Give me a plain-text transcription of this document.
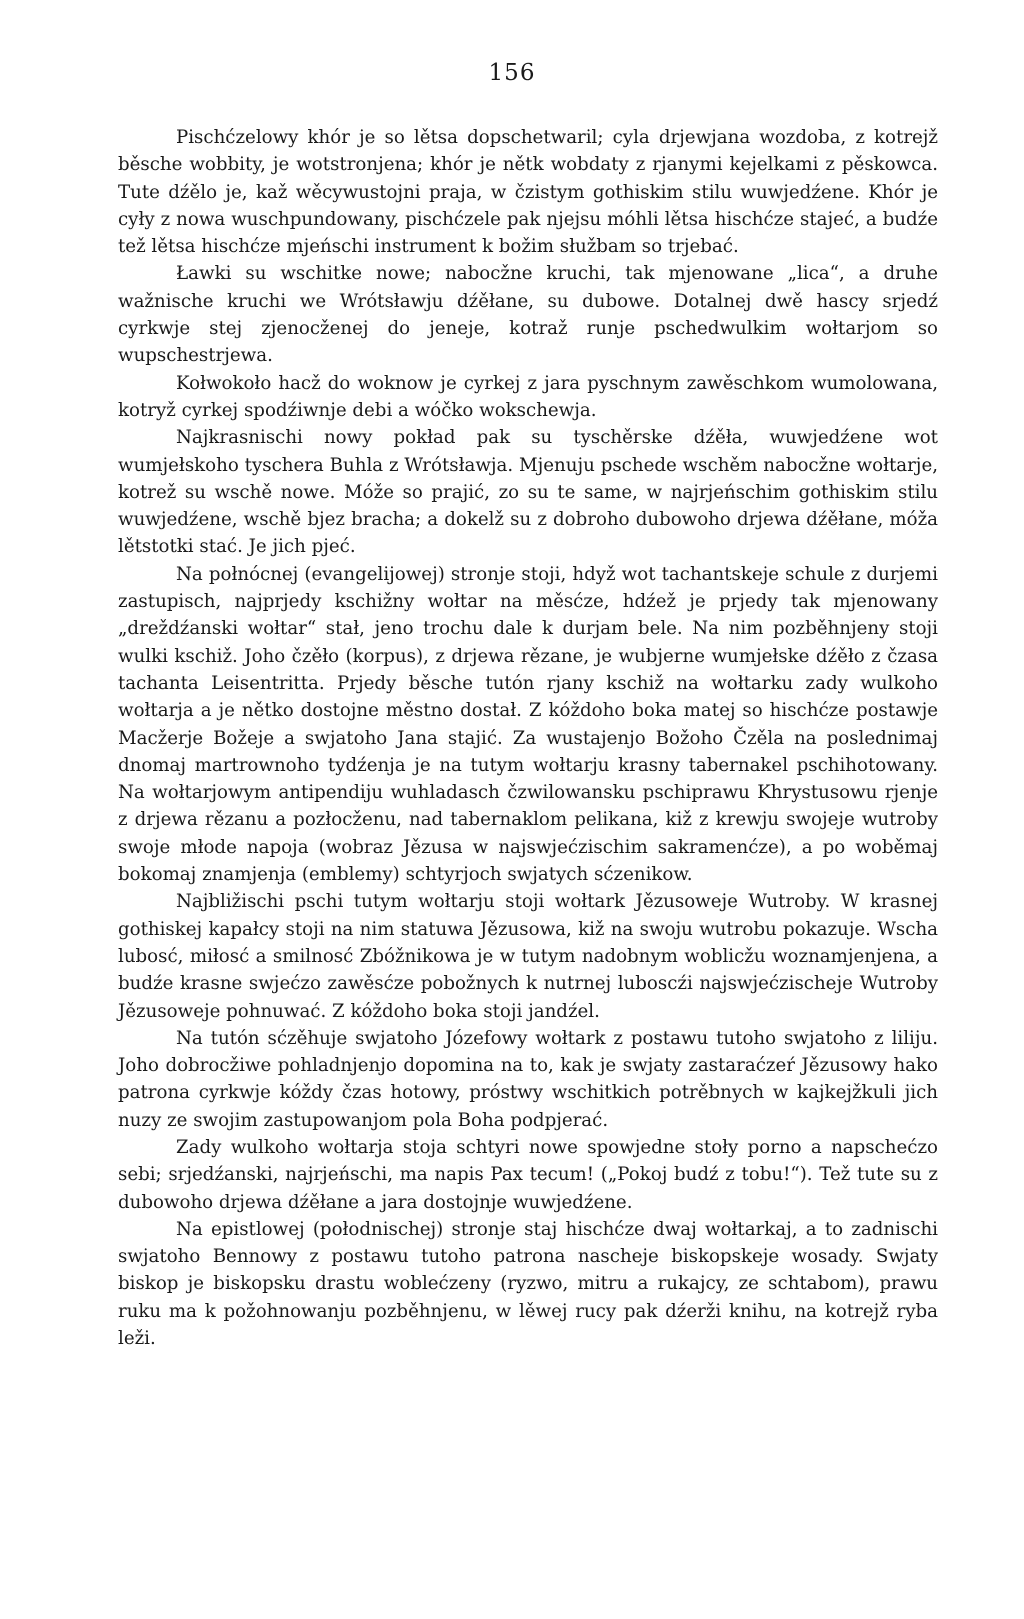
156

Pischćzelowy khór je so lětsa dopschetwaril; cyla drjewjana wozdoba, z kotrejž běsche wobbity, je wotstronjena; khór je nětk wobdaty z rjanymi kejelkami z pěskowca. Tute dźělo je, kaž wěcywustojni praja, w čzistym gothiskim stilu wuwjedźene. Khór je cyły z nowa wuschpundowany, pischćzele pak njejsu móhli lětsa hischćze stajeć, a budźe tež lětsa hischćze mjeńschi instrument k božim słužbam so trjebać.

Ławki su wschitke nowe; nabocžne kruchi, tak mjenowane „lica“, a druhe wažnische kruchi we Wrótsławju dźěłane, su dubowe. Dotalnej dwě hascy srjedź cyrkwje stej zjenocženej do jeneje, kotraž runje pschedwulkim wołtarjom so wupschestrjewa.

Kołwokoło hacž do woknow je cyrkej z jara pyschnym zawěschkom wumolowana, kotryž cyrkej spodźiwnje debi a wóčko wokschewja.

Najkrasnischi nowy pokład pak su tyschěrske dźěła, wuwjedźene wot wumjełskoho tyschera Buhla z Wrótsławja. Mjenuju pschede wschěm nabocžne wołtarje, kotrež su wschě nowe. Móže so prajić, zo su te same, w najrjeńschim gothiskim stilu wuwjedźene, wschě bjez bracha; a dokelž su z dobroho dubowoho drjewa dźěłane, móža lětstotki stać. Je jich pjeć.

Na połnócnej (evangelijowej) stronje stoji, hdyž wot tachantskeje schule z durjemi zastupisch, najprjedy kschižny wołtar na měsćze, hdźež je prjedy tak mjenowany „dreždźanski wołtar“ stał, jeno trochu dale k durjam bele. Na nim pozběhnjeny stoji wulki kschiž. Joho čzěło (korpus), z drjewa rězane, je wubjerne wumjełske dźěło z čzasa tachanta Leisentritta. Prjedy běsche tutón rjany kschiž na wołtarku zady wulkoho wołtarja a je nětko dostojne městno dostał. Z kóždoho boka matej so hischćze postawje Macžerje Božeje a swjatoho Jana stajić. Za wustajenjo Božoho Čzěla na poslednimaj dnomaj martrownoho tydźenja je na tutym wołtarju krasny tabernakel pschihotowany. Na wołtarjowym antipendiju wuhladasch čzwilowansku pschiprawu Khrystusowu rjenje z drjewa rězanu a pozłocženu, nad tabernaklom pelikana, kiž z krewju swojeje wutroby swoje młode napoja (wobraz Jězusa w najswjećzischim sakramenćze), a po woběmaj bokomaj znamjenja (emblemy) schtyrjoch swjatych sćzenikow.

Najbližischi pschi tutym wołtarju stoji wołtark Jězusoweje Wutroby. W krasnej gothiskej kapałcy stoji na nim statuwa Jězusowa, kiž na swoju wutrobu pokazuje. Wscha lubosć, miłosć a smilnosć Zbóžnikowa je w tutym nadobnym woblicžu woznamjenjena, a budźe krasne swjećzo zawěsćze pobožnych k nutrnej luboscźi najswjećzischeje Wutroby Jězusoweje pohnuwać. Z kóždoho boka stoji jandźel.

Na tutón sćzěhuje swjatoho Józefowy wołtark z postawu tutoho swjatoho z liliju. Joho dobrocžiwe pohladnjenjo dopomina na to, kak je swjaty zastaraćzeŕ Jězusowy hako patrona cyrkwje kóždy čzas hotowy, próstwy wschitkich potrěbnych w kajkejžkuli jich nuzy ze swojim zastupowanjom pola Boha podpjerać.

Zady wulkoho wołtarja stoja schtyri nowe spowjedne stoły porno a napschećzo sebi; srjedźanski, najrjeńschi, ma napis Pax tecum! („Pokoj budź z tobu!“). Tež tute su z dubowoho drjewa dźěłane a jara dostojnje wuwjedźene.

Na epistlowej (połodnischej) stronje staj hischćze dwaj wołtarkaj, a to zadnischi swjatoho Bennowy z postawu tutoho patrona nascheje biskopskeje wosady. Swjaty biskop je biskopsku drastu woblećzeny (ryzwo, mitru a rukajcy, ze schtabom), prawu ruku ma k požohnowanju pozběhnjenu, w lěwej rucy pak dźerži knihu, na kotrejž ryba leži.
